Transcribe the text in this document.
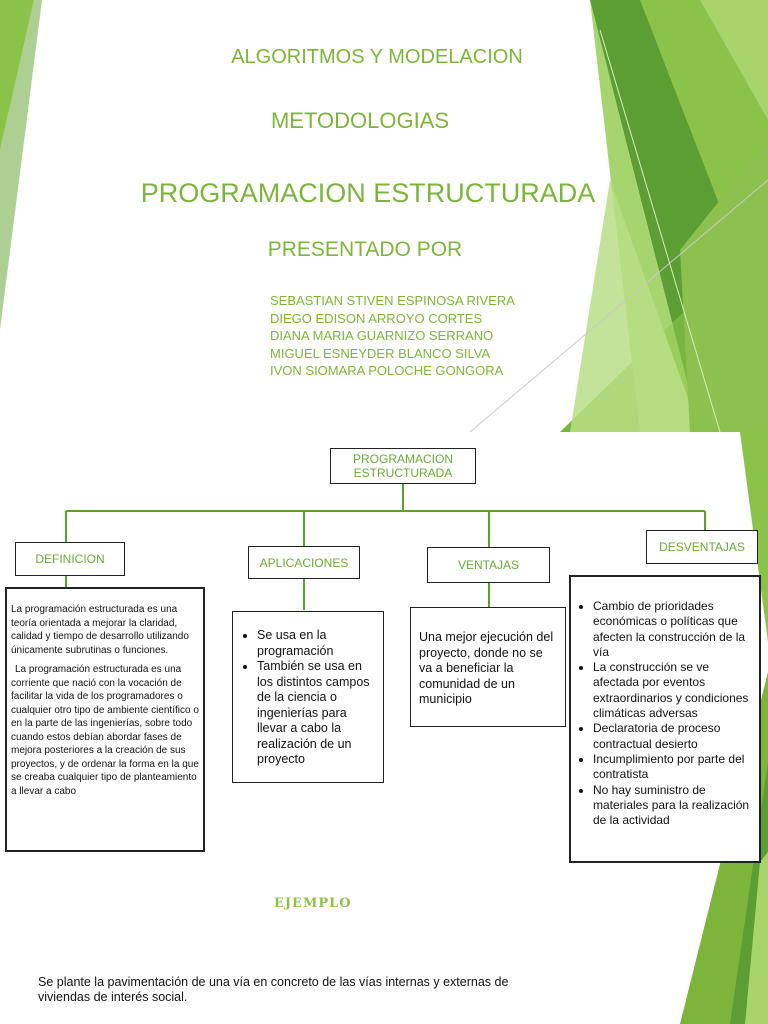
ALGORITMOS Y MODELACION
METODOLOGIAS
PROGRAMACION ESTRUCTURADA
PRESENTADO POR
SEBASTIAN STIVEN ESPINOSA RIVERA
DIEGO EDISON ARROYO CORTES
DIANA MARIA GUARNIZO SERRANO
MIGUEL ESNEYDER BLANCO SILVA
IVON SIOMARA POLOCHE GONGORA
PROGRAMACION ESTRUCTURADA
DEFINICION	APLICACIONES	VENTAJAS
DESVENTAJAS

La programación estructurada es una teoría orientada a mejorar la claridad, calidad y tiempo de desarrollo utilizando únicamente subrutinas o funciones.

La programación estructurada es una corriente que nació con la vocación de facilitar la vida de los programadores o cualquier otro tipo de ambiente científico o en la parte de las ingenierías, sobre todo cuando estos debían abordar fases de mejora posteriores a la creación de sus proyectos, y de ordenar la forma en la que se creaba cualquier tipo de planteamiento a llevar a cabo

• Se usa en la programación
• También se usa en los distintos campos de la ciencia o ingenierías para llevar a cabo la realización de un proyecto
Una mejor ejecución del proyecto, donde no se va a beneficiar la comunidad de un municipio
• Cambio de prioridades económicas o políticas que afecten la construcción de la vía
• La construcción se ve afectada por eventos extraordinarios y condiciones climáticas adversas
• Declaratoria de proceso contractual desierto
• Incumplimiento por parte del contratista
• No hay suministro de materiales para la realización de la actividad
EJEMPLO
Se plante la pavimentación de una vía en concreto de las vías internas y externas de viviendas de interés social.
